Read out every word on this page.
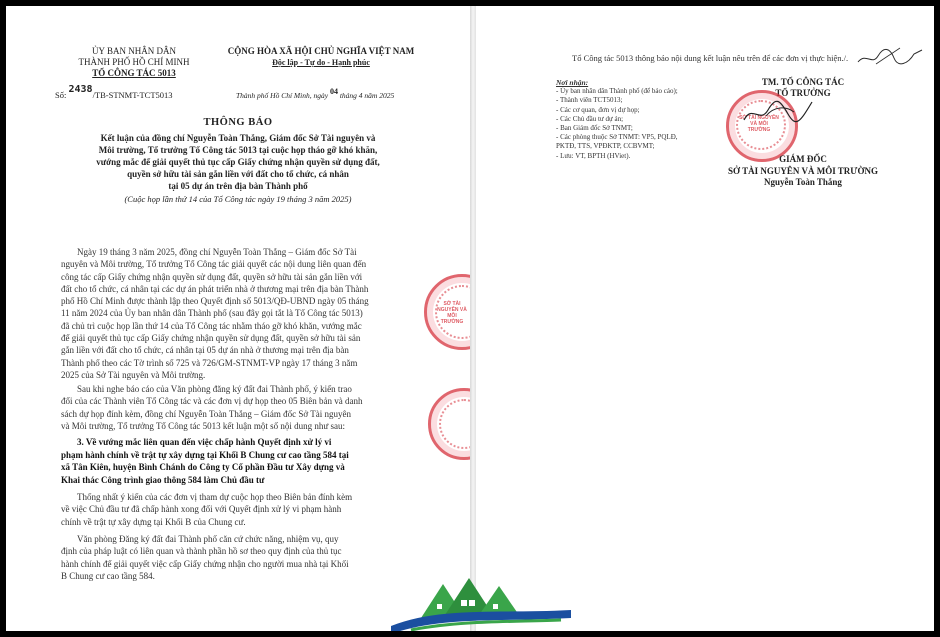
ỦY BAN NHÂN DÂN
THÀNH PHỐ HỒ CHÍ MINH
TỔ CÔNG TÁC 5013
CỘNG HÒA XÃ HỘI CHỦ NGHĨA VIỆT NAM
Độc lập - Tự do - Hạnh phúc
Số: 2438/TB-STNMT-TCT5013	Thành phố Hồ Chí Minh, ngày 04 tháng 4 năm 2025
THÔNG BÁO
Kết luận của đồng chí Nguyễn Toàn Thắng, Giám đốc Sở Tài nguyên và
Môi trường, Tổ trưởng Tổ Công tác 5013 tại cuộc họp tháo gỡ khó khăn,
vướng mắc để giải quyết thủ tục cấp Giấy chứng nhận quyền sử dụng đất,
quyền sở hữu tài sản gắn liền với đất cho tổ chức, cá nhân
tại 05 dự án trên địa bàn Thành phố
(Cuộc họp lần thứ 14 của Tổ Công tác ngày 19 tháng 3 năm 2025)
Ngày 19 tháng 3 năm 2025, đồng chí Nguyễn Toàn Thắng – Giám đốc Sở Tài
nguyên và Môi trường, Tổ trưởng Tổ Công tác giải quyết các nội dung liên quan đến
công tác cấp Giấy chứng nhận quyền sử dụng đất, quyền sở hữu tài sản gắn liền với
đất cho tổ chức, cá nhân tại các dự án phát triển nhà ở thương mại trên địa bàn Thành
phố Hồ Chí Minh được thành lập theo Quyết định số 5013/QĐ-UBND ngày 05 tháng
11 năm 2024 của Ủy ban nhân dân Thành phố (sau đây gọi tắt là Tổ Công tác 5013)
đã chủ trì cuộc họp lần thứ 14 của Tổ Công tác nhằm tháo gỡ khó khăn, vướng mắc
để giải quyết thủ tục cấp Giấy chứng nhận quyền sử dụng đất, quyền sở hữu tài sản
gắn liền với đất cho tổ chức, cá nhân tại 05 dự án nhà ở thương mại trên địa bàn
Thành phố theo các Tờ trình số 725 và 726/GM-STNMT-VP ngày 17 tháng 3 năm
2025 của Sở Tài nguyên và Môi trường.
Sau khi nghe báo cáo của Văn phòng đăng ký đất đai Thành phố, ý kiến trao
đổi của các Thành viên Tổ Công tác và các đơn vị dự họp theo 05 Biên bản và danh
sách dự họp đính kèm, đồng chí Nguyễn Toàn Thắng – Giám đốc Sở Tài nguyên
và Môi trường, Tổ trưởng Tổ Công tác 5013 kết luận một số nội dung như sau:
3. Về vướng mắc liên quan đến việc chấp hành Quyết định xử lý vi
phạm hành chính về trật tự xây dựng tại Khối B Chung cư cao tầng 584 tại
xã Tân Kiên, huyện Bình Chánh do Công ty Cổ phần Đầu tư Xây dựng và
Khai thác Công trình giao thông 584 làm Chủ đầu tư
Thống nhất ý kiến của các đơn vị tham dự cuộc họp theo Biên bản đính kèm
về việc Chủ đầu tư đã chấp hành xong đối với Quyết định xử lý vi phạm hành
chính về trật tự xây dựng tại Khối B của Chung cư.
Văn phòng Đăng ký đất đai Thành phố căn cứ chức năng, nhiệm vụ, quy
định của pháp luật có liên quan và thành phần hồ sơ theo quy định của thủ tục
hành chính để giải quyết việc cấp Giấy chứng nhận cho người mua nhà tại Khối
B Chung cư cao tầng 584.
SỞ TÀI NGUYÊN VÀ MÔI TRƯỜNG
Tổ Công tác 5013 thông báo nội dung kết luận nêu trên để các đơn vị thực hiện./.
Nơi nhận:
- Ủy ban nhân dân Thành phố (để báo cáo);
- Thành viên TCT5013;
- Các cơ quan, đơn vị dự họp;
- Các Chủ đầu tư dự án;
- Ban Giám đốc Sở TNMT;
- Các phòng thuộc Sở TNMT: VP5, PQLĐ,
PKTĐ, TTS, VPĐKTP, CCBVMT;
- Lưu: VT, BPTH (HViet).
TM. TỔ CÔNG TÁC
TỔ TRƯỞNG
SỞ TÀI NGUYÊN VÀ MÔI TRƯỜNG
GIÁM ĐỐC
SỞ TÀI NGUYÊN VÀ MÔI TRƯỜNG
Nguyễn Toàn Thắng
